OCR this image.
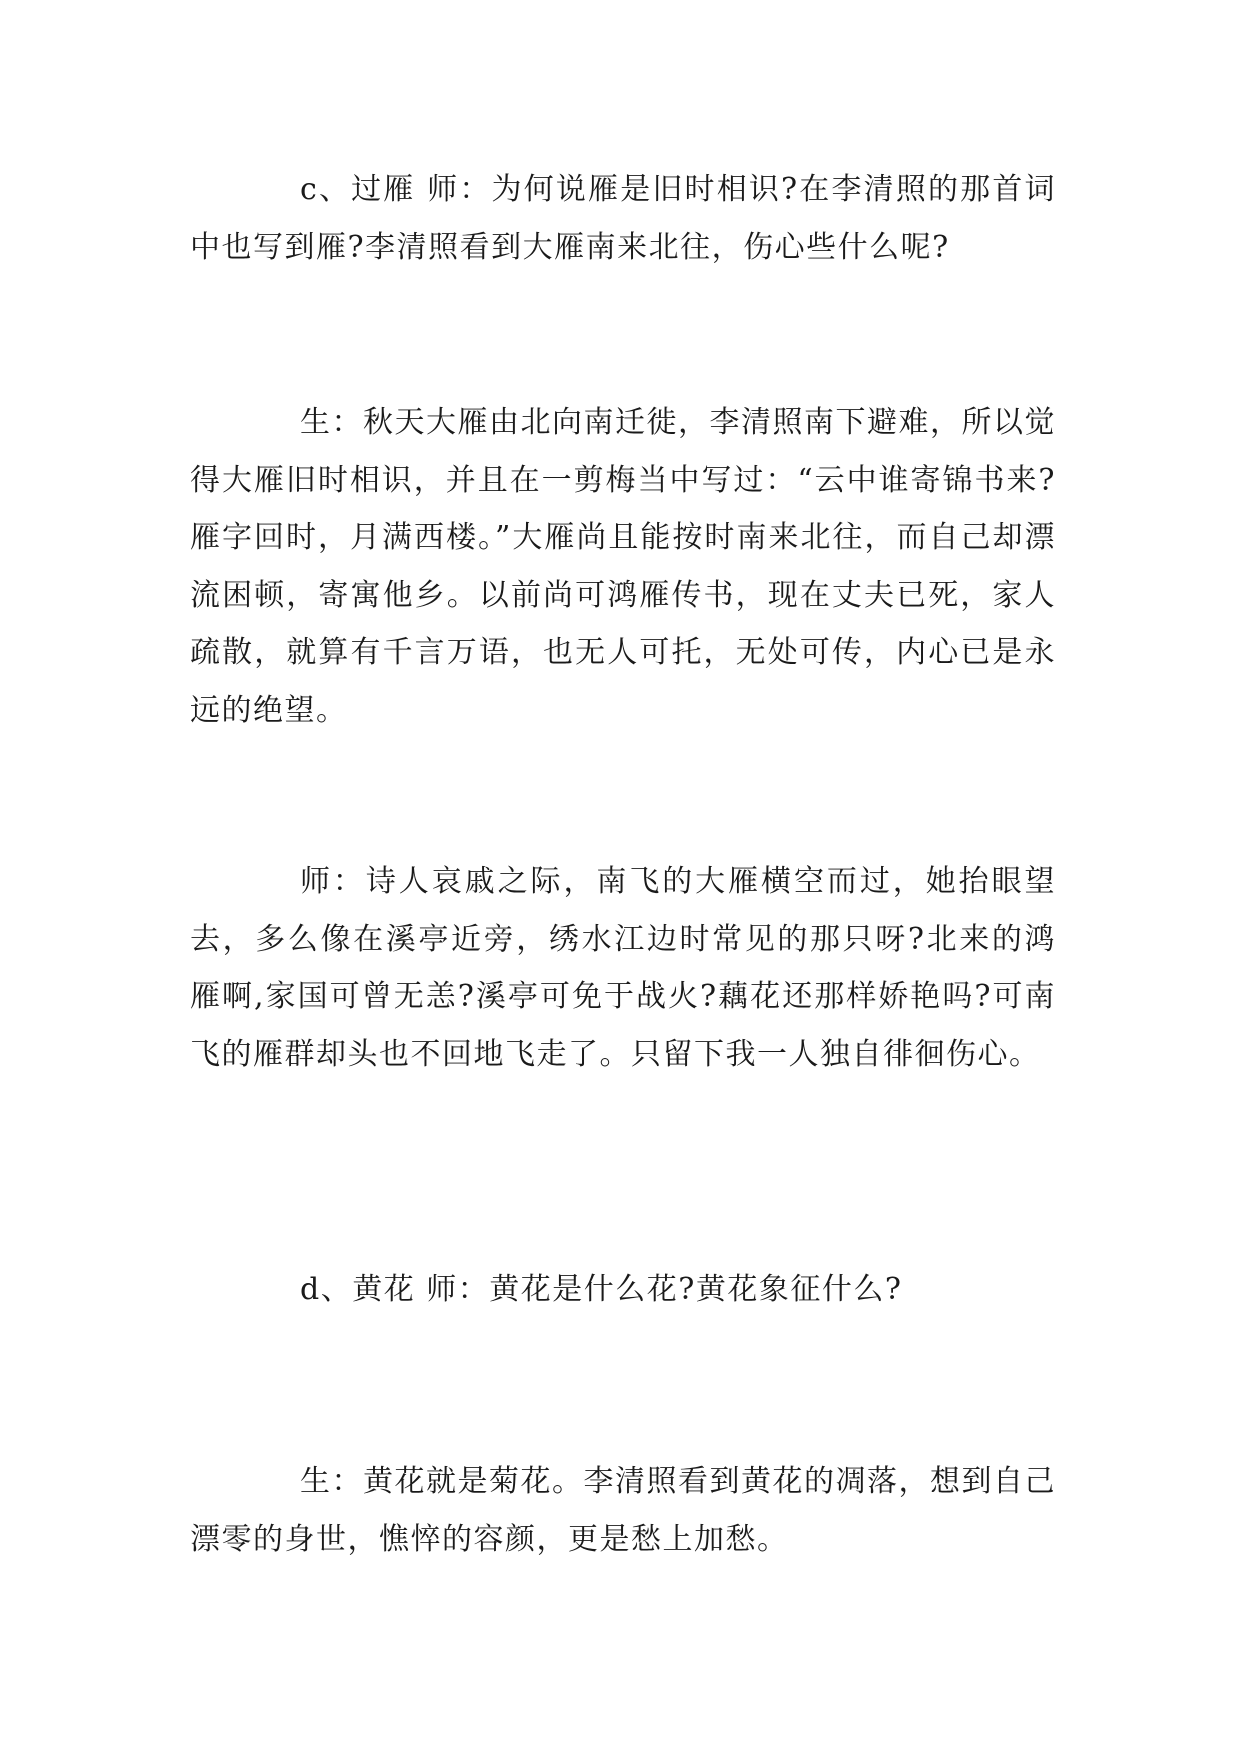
c、过雁 师：为何说雁是旧时相识?在李清照的那首词中也写到雁?李清照看到大雁南来北往，伤心些什么呢?

生：秋天大雁由北向南迁徙，李清照南下避难，所以觉得大雁旧时相识，并且在一剪梅当中写过：“云中谁寄锦书来?雁字回时，月满西楼。”大雁尚且能按时南来北往，而自己却漂流困顿，寄寓他乡。以前尚可鸿雁传书，现在丈夫已死，家人疏散，就算有千言万语，也无人可托，无处可传，内心已是永远的绝望。

师：诗人哀戚之际，南飞的大雁横空而过，她抬眼望去，多么像在溪亭近旁，绣水江边时常见的那只呀?北来的鸿雁啊,家国可曾无恙?溪亭可免于战火?藕花还那样娇艳吗?可南飞的雁群却头也不回地飞走了。只留下我一人独自徘徊伤心。

d、黄花 师：黄花是什么花?黄花象征什么?

生：黄花就是菊花。李清照看到黄花的凋落，想到自己漂零的身世，憔悴的容颜，更是愁上加愁。
